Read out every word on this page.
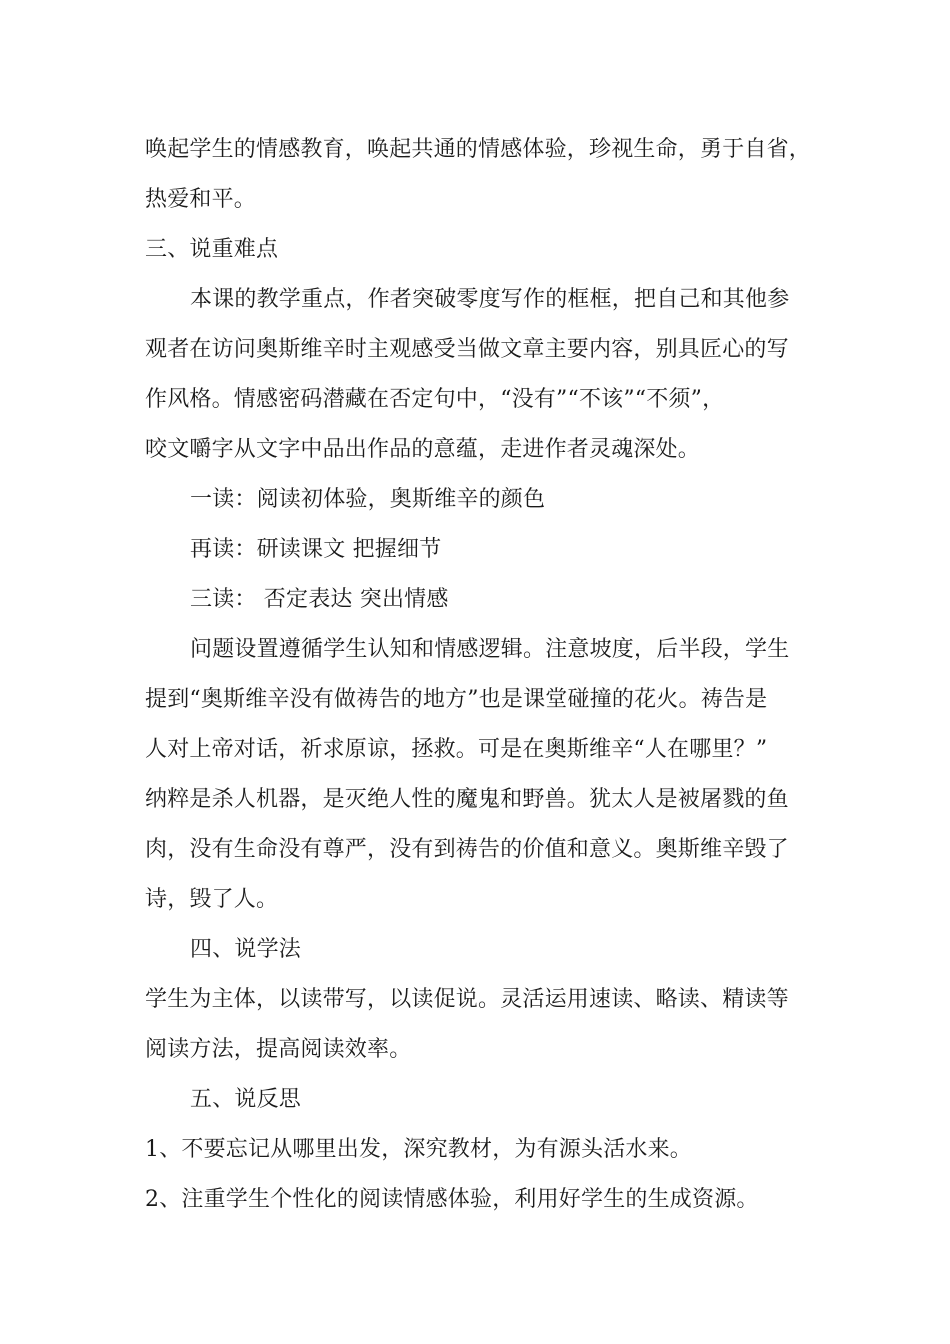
唤起学生的情感教育，唤起共通的情感体验，珍视生命，勇于自省，
热爱和平。
三、说重难点
本课的教学重点，作者突破零度写作的框框，把自己和其他参
观者在访问奥斯维辛时主观感受当做文章主要内容，别具匠心的写
作风格。情感密码潜藏在否定句中，“没有”“不该”“不须”，
咬文嚼字从文字中品出作品的意蕴，走进作者灵魂深处。
一读：阅读初体验，奥斯维辛的颜色
再读：研读课文 把握细节
三读： 否定表达 突出情感
问题设置遵循学生认知和情感逻辑。注意坡度，后半段，学生
提到“奥斯维辛没有做祷告的地方”也是课堂碰撞的花火。祷告是
人对上帝对话，祈求原谅，拯救。可是在奥斯维辛“人在哪里？”
纳粹是杀人机器，是灭绝人性的魔鬼和野兽。犹太人是被屠戮的鱼
肉，没有生命没有尊严，没有到祷告的价值和意义。奥斯维辛毁了
诗，毁了人。
四、说学法
学生为主体，以读带写，以读促说。灵活运用速读、略读、精读等
阅读方法，提高阅读效率。
五、说反思
1、不要忘记从哪里出发，深究教材，为有源头活水来。
2、注重学生个性化的阅读情感体验，利用好学生的生成资源。
